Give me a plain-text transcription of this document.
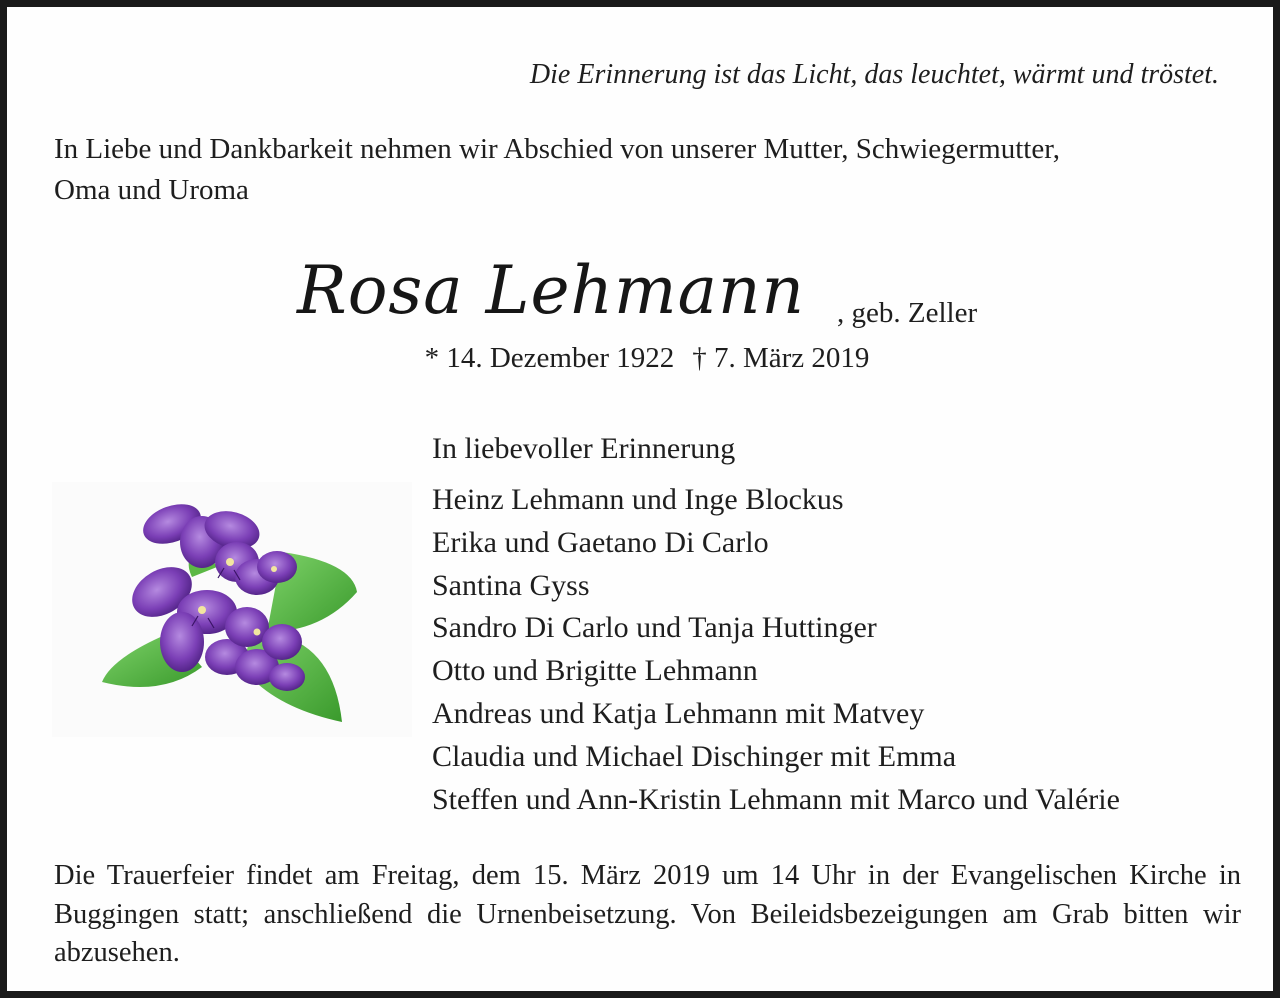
Die Erinnerung ist das Licht, das leuchtet, wärmt und tröstet.
In Liebe und Dankbarkeit nehmen wir Abschied von unserer Mutter, Schwiegermutter,
Oma und Uroma
Rosa Lehmann , geb. Zeller
* 14. Dezember 1922 † 7. März 2019
In liebevoller Erinnerung
Heinz Lehmann und Inge Blockus
Erika und Gaetano Di Carlo
Santina Gyss
Sandro Di Carlo und Tanja Huttinger
Otto und Brigitte Lehmann
Andreas und Katja Lehmann mit Matvey
Claudia und Michael Dischinger mit Emma
Steffen und Ann-Kristin Lehmann mit Marco und Valérie
Die Trauerfeier findet am Freitag, dem 15. März 2019 um 14 Uhr in der Evangelischen Kirche in Buggingen statt; anschließend die Urnenbeisetzung. Von Beileidsbezeigungen am Grab bitten wir abzusehen.
